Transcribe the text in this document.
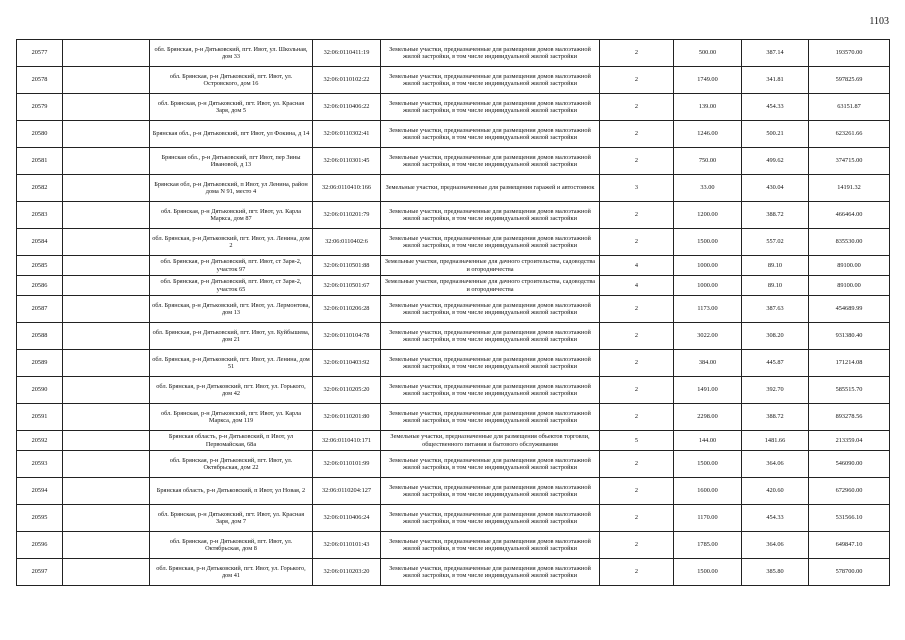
1103
20577		обл. Брянская, р-н Дятьковский, пгт. Ивот, ул. Школьная, дом 33	32:06:0110411:19	Земельные участки, предназначенные для размещения домов малоэтажной жилой застройки, в том числе индивидуальной жилой застройки	2	500.00	387.14	193570.00
20578		обл. Брянская, р-н Дятьковский, пгт. Ивот, ул. Островского, дом 16	32:06:0110102:22	Земельные участки, предназначенные для размещения домов малоэтажной жилой застройки, в том числе индивидуальной жилой застройки	2	1749.00	341.81	597825.69
20579		обл. Брянская, р-н Дятьковский, пгт. Ивот, ул. Красная Заря, дом 5	32:06:0110406:22	Земельные участки, предназначенные для размещения домов малоэтажной жилой застройки, в том числе индивидуальной жилой застройки	2	139.00	454.33	63151.87
20580		Брянская обл., р-н Дятьковский, пгт Ивот, ул Фокина, д 14	32:06:0110302:41	Земельные участки, предназначенные для размещения домов малоэтажной жилой застройки, в том числе индивидуальной жилой застройки	2	1246.00	500.21	623261.66
20581		Брянская обл., р-н Дятьковский, пгт Ивот, пер Зины Ивановой, д 13	32:06:0110301:45	Земельные участки, предназначенные для размещения домов малоэтажной жилой застройки, в том числе индивидуальной жилой застройки	2	750.00	499.62	374715.00
20582		Брянская обл, р-н Дятьковский, п Ивот, ул Ленина, район дома N 91, место 4	32:06:0110410:166	Земельные участки, предназначенные для размещения гаражей и автостоянок	3	33.00	430.04	14191.32
20583		обл. Брянская, р-н Дятьковский, пгт. Ивот, ул. Карла Маркса, дом 87	32:06:0110201:79	Земельные участки, предназначенные для размещения домов малоэтажной жилой застройки, в том числе индивидуальной жилой застройки	2	1200.00	388.72	466464.00
20584		обл. Брянская, р-н Дятьковский, пгт. Ивот, ул. Ленина, дом 2	32:06:0110402:6	Земельные участки, предназначенные для размещения домов малоэтажной жилой застройки, в том числе индивидуальной жилой застройки	2	1500.00	557.02	835530.00
20585		обл. Брянская, р-н Дятьковский, пгт. Ивот, ст Заря-2, участок 97	32:06:0110501:88	Земельные участки, предназначенные для дачного строительства, садоводства и огородничества	4	1000.00	89.10	89100.00
20586		обл. Брянская, р-н Дятьковский, пгт. Ивот, ст Заря-2, участок 65	32:06:0110501:67	Земельные участки, предназначенные для дачного строительства, садоводства и огородничества	4	1000.00	89.10	89100.00
20587		обл. Брянская, р-н Дятьковский, пгт. Ивот, ул. Лермонтова, дом 13	32:06:0110206:28	Земельные участки, предназначенные для размещения домов малоэтажной жилой застройки, в том числе индивидуальной жилой застройки	2	1173.00	387.63	454689.99
20588		обл. Брянская, р-н Дятьковский, пгт. Ивот, ул. Куйбышева, дом 21	32:06:0110104:78	Земельные участки, предназначенные для размещения домов малоэтажной жилой застройки, в том числе индивидуальной жилой застройки	2	3022.00	308.20	931380.40
20589		обл. Брянская, р-н Дятьковский, пгт. Ивот, ул. Ленина, дом 51	32:06:0110403:92	Земельные участки, предназначенные для размещения домов малоэтажной жилой застройки, в том числе индивидуальной жилой застройки	2	384.00	445.87	171214.08
20590		обл. Брянская, р-н Дятьковский, пгт. Ивот, ул. Горького, дом 42	32:06:0110205:20	Земельные участки, предназначенные для размещения домов малоэтажной жилой застройки, в том числе индивидуальной жилой застройки	2	1491.00	392.70	585515.70
20591		обл. Брянская, р-н Дятьковский, пгт. Ивот, ул. Карла Маркса, дом 119	32:06:0110201:80	Земельные участки, предназначенные для размещения домов малоэтажной жилой застройки, в том числе индивидуальной жилой застройки	2	2298.00	388.72	893278.56
20592		Брянская область, р-н Дятьковский, п Ивот, ул Первомайская, 68а	32:06:0110410:171	Земельные участки, предназначенные для размещения объектов торговли, общественного питания и бытового обслуживания	5	144.00	1481.66	213359.04
20593		обл. Брянская, р-н Дятьковский, пгт. Ивот, ул. Октябрьская, дом 22	32:06:0110101:99	Земельные участки, предназначенные для размещения домов малоэтажной жилой застройки, в том числе индивидуальной жилой застройки	2	1500.00	364.06	546090.00
20594		Брянская область, р-н Дятьковский, п Ивот, ул Новая, 2	32:06:0110204:127	Земельные участки, предназначенные для размещения домов малоэтажной жилой застройки, в том числе индивидуальной жилой застройки	2	1600.00	420.60	672960.00
20595		обл. Брянская, р-н Дятьковский, пгт. Ивот, ул. Красная Заря, дом 7	32:06:0110406:24	Земельные участки, предназначенные для размещения домов малоэтажной жилой застройки, в том числе индивидуальной жилой застройки	2	1170.00	454.33	531566.10
20596		обл. Брянская, р-н Дятьковский, пгт. Ивот, ул. Октябрьская, дом 8	32:06:0110101:43	Земельные участки, предназначенные для размещения домов малоэтажной жилой застройки, в том числе индивидуальной жилой застройки	2	1785.00	364.06	649847.10
20597		обл. Брянская, р-н Дятьковский, пгт. Ивот, ул. Горького, дом 41	32:06:0110203:20	Земельные участки, предназначенные для размещения домов малоэтажной жилой застройки, в том числе индивидуальной жилой застройки	2	1500.00	385.80	578700.00
